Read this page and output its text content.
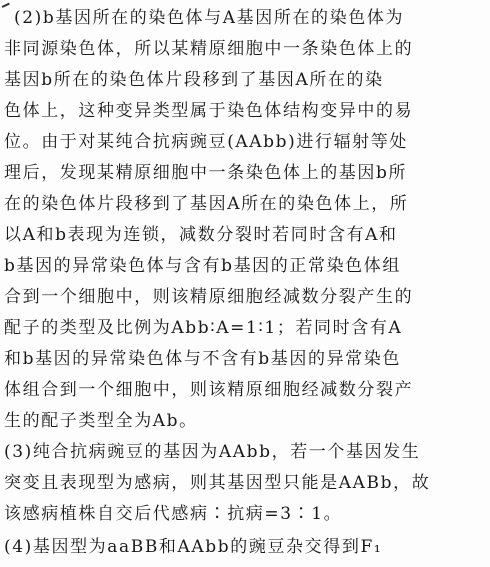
(2)b基因所在的染色体与A基因所在的染色体为
非同源染色体，所以某精原细胞中一条染色体上的
基因b所在的染色体片段移到了基因A所在的染
色体上，这种变异类型属于染色体结构变异中的易
位。由于对某纯合抗病豌豆(AAbb)进行辐射等处
理后，发现某精原细胞中一条染色体上的基因b所
在的染色体片段移到了基因A所在的染色体上，所
以A和b表现为连锁，减数分裂时若同时含有A和
b基因的异常染色体与含有b基因的正常染色体组
合到一个细胞中，则该精原细胞经减数分裂产生的
配子的类型及比例为Abb∶A=1∶1；若同时含有A
和b基因的异常染色体与不含有b基因的异常染色
体组合到一个细胞中，则该精原细胞经减数分裂产
生的配子类型全为Ab。
(3)纯合抗病豌豆的基因为AAbb，若一个基因发生
突变且表现型为感病，则其基因型只能是AABb，故
该感病植株自交后代感病∶抗病=3∶1。
(4)基因型为aaBB和AAbb的豌豆杂交得到F₁
